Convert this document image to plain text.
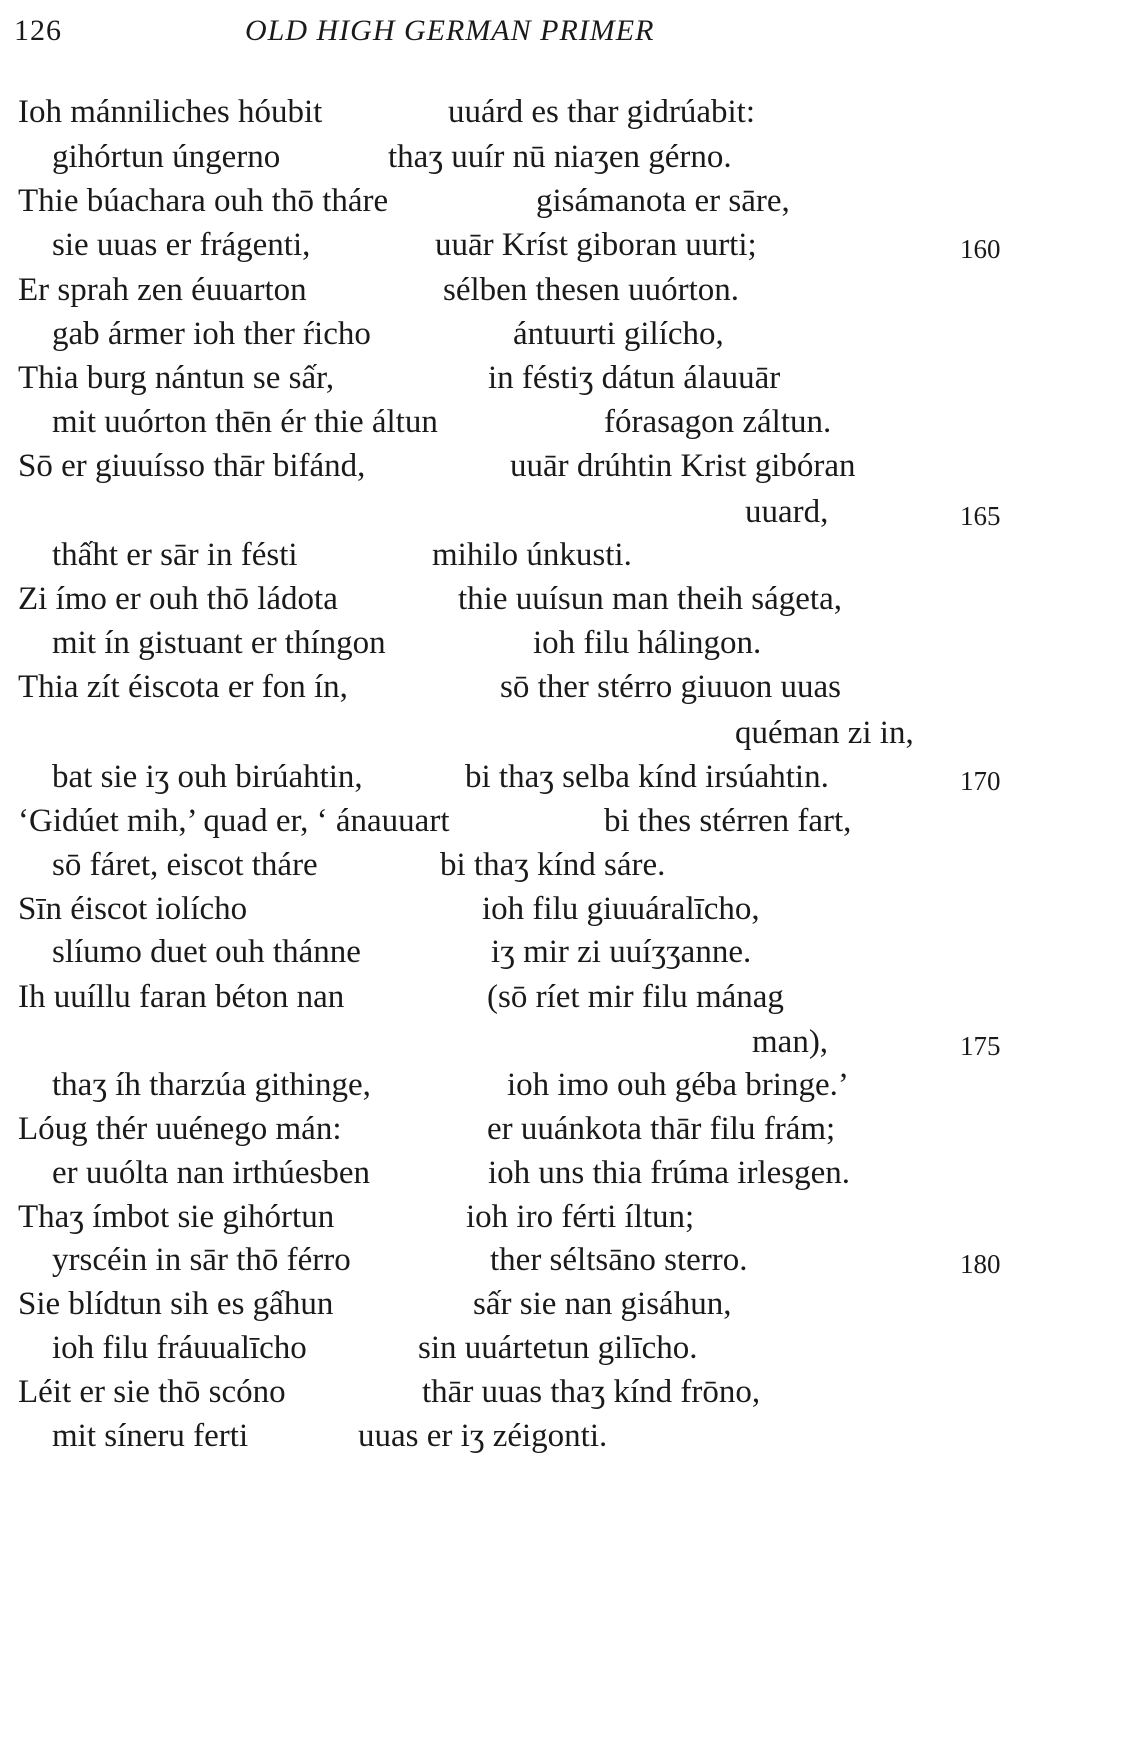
126	OLD HIGH GERMAN PRIMER
Ioh mánniliches hóubit	uuárd es thar gidrúabit:
gihórtun úngerno	thaʒ uuír nū niaʒen gérno.
Thie búachara ouh thō tháre	gisámanota er sāre,
sie uuas er frágenti,	uuār Kríst giboran uurti;	160
Er sprah zen éuuarton	sélben thesen uuórton.
gab ármer ioh ther ŕicho	ántuurti gilícho,
Thia burg nántun se sấr,	in féstiʒ dátun álauuār
mit uuórton thēn ér thie áltun	fórasagon záltun.
Sō er giuuísso thār bifánd,	uuār drúhtin Krist gibóran
uuard,	165
thấht er sār in fésti	mihilo únkusti.
Zi ímo er ouh thō ládota	thie uuísun man theih ságeta,
mit ín gistuant er thíngon	ioh filu hálingon.
Thia zít éiscota er fon ín,	sō ther stérro giuuon uuas
quéman zi in,
bat sie iʒ ouh birúahtin,	bi thaʒ selba kínd irsúahtin.	170
‘Gidúet mih,’ quad er, ‘ ánauuart	bi thes stérren fart,
sō fáret, eiscot tháre	bi thaʒ kínd sáre.
Sīn éiscot iolícho	ioh filu giuuáralīcho,
slíumo duet ouh thánne	iʒ mir zi uuíʒʒanne.
Ih uuíllu faran béton nan	(sō ríet mir filu mánag
man),	175
thaʒ íh tharzúa githinge,	ioh imo ouh géba bringe.’
Lóug thér uuénego mán:	er uuánkota thār filu frám;
er uuólta nan irthúesben	ioh uns thia frúma irlesgen.
Thaʒ ímbot sie gihórtun	ioh iro férti íltun;
yrscéin in sār thō férro	ther séltsāno sterro.	180
Sie blídtun sih es gấhun	sấr sie nan gisáhun,
ioh filu fráuualīcho	sin uuártetun gilīcho.
Léit er sie thō scóno	thār uuas thaʒ kínd frōno,
mit síneru ferti	uuas er iʒ zéigonti.
